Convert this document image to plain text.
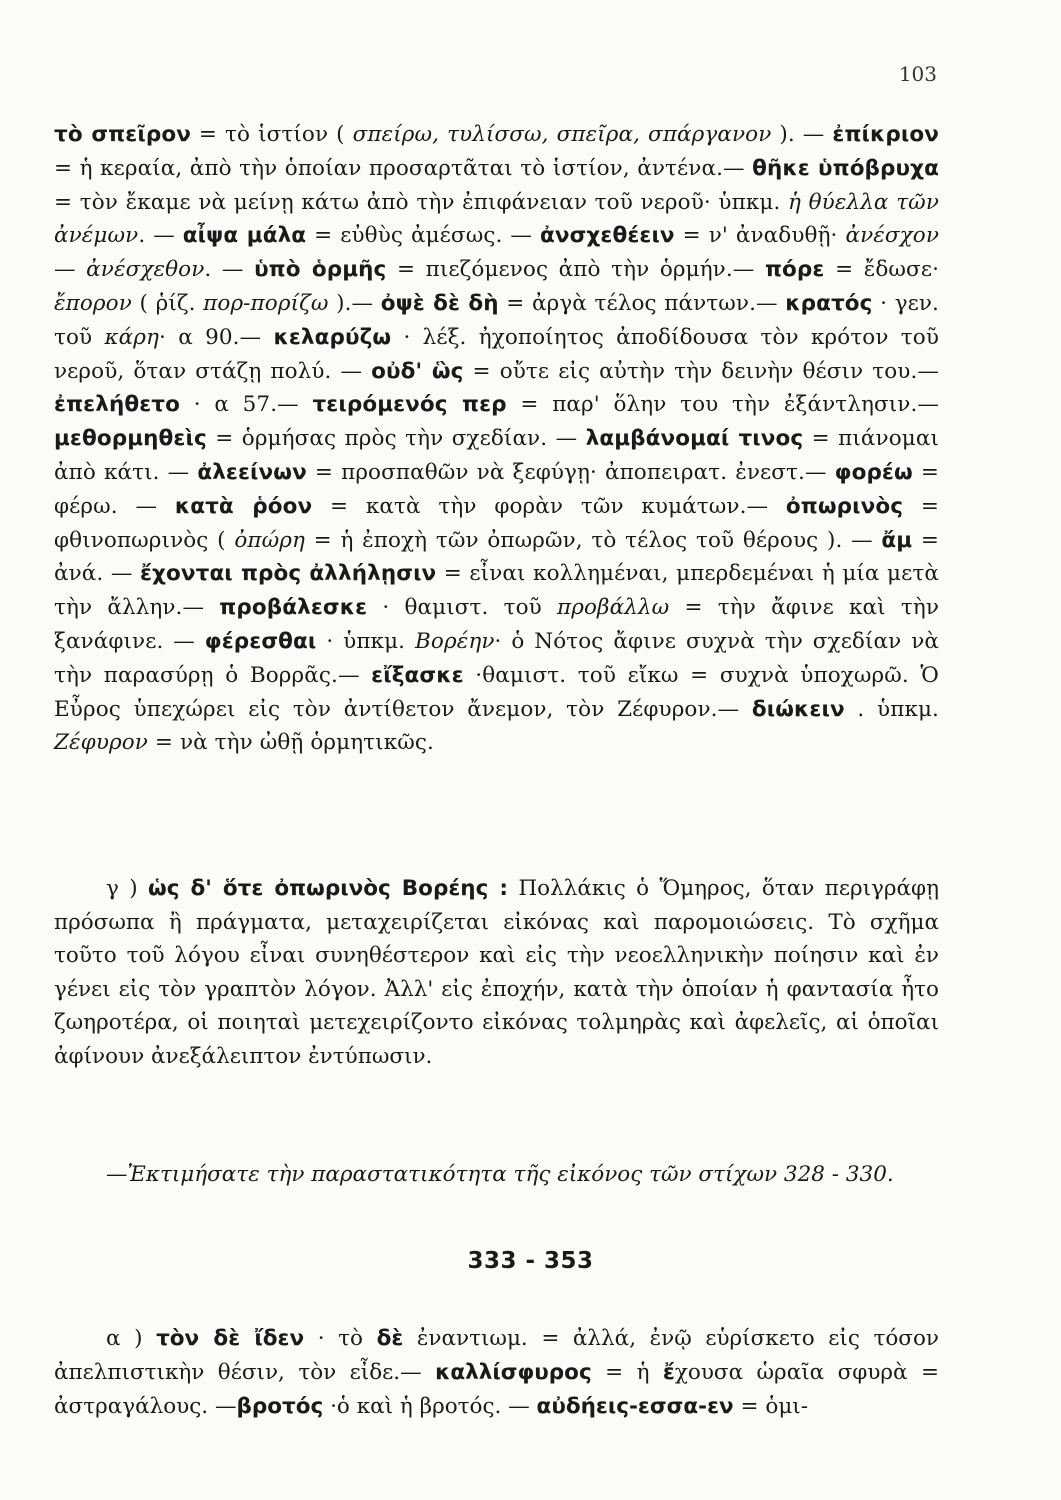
103
τὸ σπεῖρον = τὸ ἱστίον ( σπείρω, τυλίσσω, σπεῖρα, σπάργανον ). — ἐπίκριον = ἡ κεραία, ἀπὸ τὴν ὁποίαν προσαρτᾶται τὸ ἱστίον, ἀντένα.— θῆκε ὑπόβρυχα = τὸν ἔκαμε νὰ μείνῃ κάτω ἀπὸ τὴν ἐπιφάνειαν τοῦ νεροῦ· ὑπκμ. ἡ θύελλα τῶν ἀνέμων. — αἶψα μάλα = εὐθὺς ἀμέσως. — ἀνσχεθέειν = ν' ἀναδυθῇ· ἀνέσχον — ἀνέσχεθον. — ὑπὸ ὁρμῆς = πιεζόμενος ἀπὸ τὴν ὁρμήν.— πόρε = ἔδωσε· ἔπορον ( ῥίζ. πορ-πορίζω ).— ὀψὲ δὲ δὴ = ἀργὰ τέλος πάντων.— κρατός · γεν. τοῦ κάρη· α 90.— κελαρύζω · λέξ. ἠχοποίητος ἀποδίδουσα τὸν κρότον τοῦ νεροῦ, ὅταν στάζῃ πολύ. — οὐδ' ὣς = οὔτε εἰς αὐτὴν τὴν δεινὴν θέσιν του.— ἐπελήθετο · α 57.— τειρόμενός περ = παρ' ὅλην του τὴν ἐξάντλησιν.— μεθορμηθεὶς = ὁρμήσας πρὸς τὴν σχεδίαν. — λαμβάνομαί τινος = πιάνομαι ἀπὸ κάτι. — ἀλεείνων = προσπαθῶν νὰ ξεφύγῃ· ἀποπειρατ. ἐνεστ.— φορέω = φέρω. — κατὰ ῥόον = κατὰ τὴν φορὰν τῶν κυμάτων.— ὀπωρινὸς = φθινοπωρινὸς ( ὀπώρη = ἡ ἐποχὴ τῶν ὀπωρῶν, τὸ τέλος τοῦ θέρους ). — ἄμ = ἀνά. — ἔχονται πρὸς ἀλλήλῃσιν = εἶναι κολλημέναι, μπερδεμέναι ἡ μία μετὰ τὴν ἄλλην.— προβάλεσκε · θαμιστ. τοῦ προβάλλω = τὴν ἄφινε καὶ τὴν ξανάφινε. — φέρεσθαι · ὑπκμ. Βορέην· ὁ Νότος ἄφινε συχνὰ τὴν σχεδίαν νὰ τὴν παρασύρῃ ὁ Βορρᾶς.— εἴξασκε ·θαμιστ. τοῦ εἴκω = συχνὰ ὑποχωρῶ. Ὁ Εὖρος ὑπεχώρει εἰς τὸν ἀντίθετον ἄνεμον, τὸν Ζέφυρον.— διώκειν . ὑπκμ. Ζέφυρον = νὰ τὴν ὠθῇ ὁρμητικῶς.

γ ) ὡς δ' ὅτε ὀπωρινὸς Βορέης : Πολλάκις ὁ Ὅμηρος, ὅταν περιγράφῃ πρόσωπα ἢ πράγματα, μεταχειρίζεται εἰκόνας καὶ παρομοιώσεις. Τὸ σχῆμα τοῦτο τοῦ λόγου εἶναι συνηθέστερον καὶ εἰς τὴν νεοελληνικὴν ποίησιν καὶ ἐν γένει εἰς τὸν γραπτὸν λόγον. Ἀλλ' εἰς ἐποχήν, κατὰ τὴν ὁποίαν ἡ φαντασία ἦτο ζωηροτέρα, οἱ ποιηταὶ μετεχειρίζοντο εἰκόνας τολμηρὰς καὶ ἀφελεῖς, αἱ ὁποῖαι ἀφίνουν ἀνεξάλειπτον ἐντύπωσιν.

—Ἐκτιμήσατε τὴν παραστατικότητα τῆς εἰκόνος τῶν στίχων 328 - 330.
333 - 353
α ) τὸν δὲ ἴδεν · τὸ δὲ ἐναντιωμ. = ἀλλά, ἐνῷ εὑρίσκετο εἰς τόσον ἀπελπιστικὴν θέσιν, τὸν εἶδε.— καλλίσφυρος = ἡ ἔχουσα ὡραῖα σφυρὰ = ἀστραγάλους. —βροτός ·ὁ καὶ ἡ βροτός. — αὐδήεις-εσσα-εν = ὁμι-
